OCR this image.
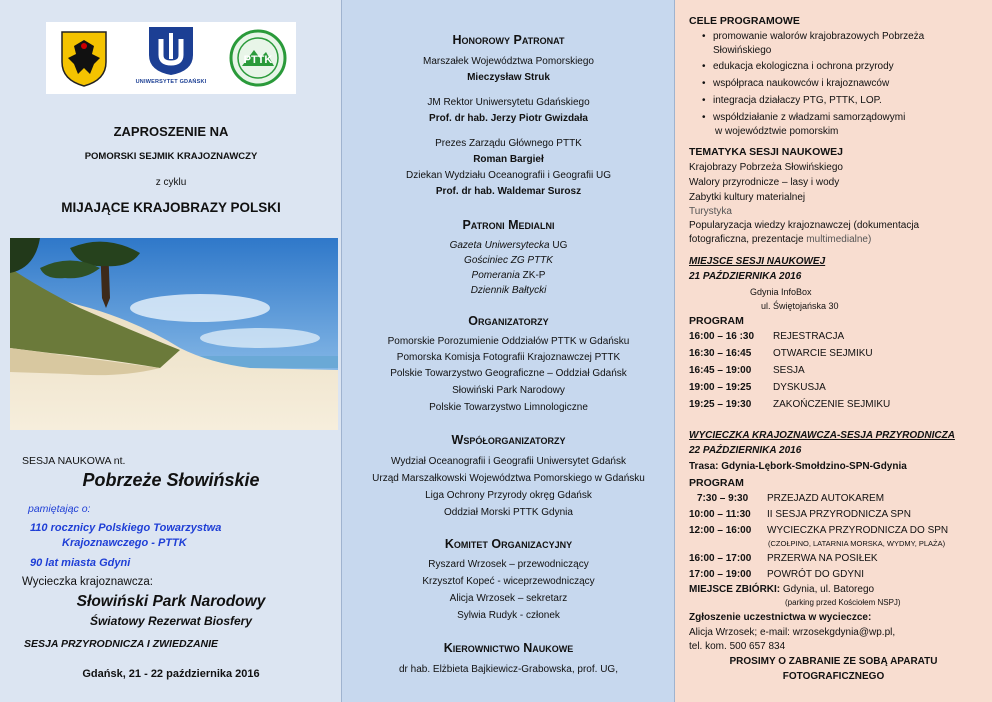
UNIWERSYTET GDAŃSKI
PTTK
ZAPROSZENIE NA
POMORSKI SEJMIK KRAJOZNAWCZY
z cyklu
MIJAJĄCE KRAJOBRAZY POLSKI
SESJA NAUKOWA nt.
Pobrzeże Słowińskie
pamiętając o:
110 rocznicy Polskiego Towarzystwa
Krajoznawczego - PTTK
90 lat miasta Gdyni
Wycieczka krajoznawcza:
Słowiński Park Narodowy
Światowy Rezerwat Biosfery
SESJA PRZYRODNICZA I ZWIEDZANIE
Gdańsk, 21 - 22 października 2016
Honorowy Patronat
Marszałek Województwa Pomorskiego
Mieczysław Struk
JM Rektor Uniwersytetu Gdańskiego
Prof. dr hab. Jerzy Piotr Gwizdała
Prezes Zarządu Głównego PTTK
Roman Bargieł
Dziekan Wydziału Oceanografii i Geografii UG
Prof. dr hab. Waldemar Surosz
Patroni Medialni
Gazeta Uniwersytecka UG
Gościniec ZG PTTK
Pomerania ZK-P
Dziennik Bałtycki
Organizatorzy
Pomorskie Porozumienie Oddziałów PTTK w Gdańsku
Pomorska Komisja Fotografii Krajoznawczej PTTK
Polskie Towarzystwo Geograficzne – Oddział Gdańsk
Słowiński Park Narodowy
Polskie Towarzystwo Limnologiczne
Współorganizatorzy
Wydział Oceanografii i Geografii Uniwersytet Gdańsk
Urząd Marszałkowski Województwa Pomorskiego w Gdańsku
Liga Ochrony Przyrody okręg Gdańsk
Oddział Morski PTTK Gdynia
Komitet Organizacyjny
Ryszard Wrzosek – przewodniczący
Krzysztof Kopeć - wiceprzewodniczący
Alicja Wrzosek – sekretarz
Sylwia Rudyk - członek
Kierownictwo Naukowe
dr hab. Elżbieta Bajkiewicz-Grabowska, prof. UG,
CELE PROGRAMOWE
• promowanie walorów krajobrazowych Pobrzeża
Słowińskiego
• edukacja ekologiczna i ochrona przyrody
• współpraca naukowców i krajoznawców
• integracja działaczy PTG, PTTK, LOP.
• współdziałanie z władzami samorządowymi
w województwie pomorskim
TEMATYKA SESJI NAUKOWEJ
Krajobrazy Pobrzeża Słowińskiego
Walory przyrodnicze – lasy i wody
Zabytki kultury materialnej
Turystyka
Popularyzacja wiedzy krajoznawczej (dokumentacja
fotograficzna, prezentacje multimedialne)
MIEJSCE SESJI NAUKOWEJ
21 PAŹDZIERNIKA 2016
Gdynia InfoBox
ul. Świętojańska 30
PROGRAM
16:00 – 16 :30 REJESTRACJA
16:30 – 16:45 OTWARCIE SEJMIKU
16:45 – 19:00 SESJA
19:00 – 19:25 DYSKUSJA
19:25 – 19:30 ZAKOŃCZENIE SEJMIKU
WYCIECZKA KRAJOZNAWCZA-SESJA PRZYRODNICZA
22 PAŹDZIERNIKA 2016
Trasa: Gdynia-Lębork-Smołdzino-SPN-Gdynia
PROGRAM
7:30 – 9:30 PRZEJAZD AUTOKAREM
10:00 – 11:30 II SESJA PRZYRODNICZA SPN
12:00 – 16:00 WYCIECZKA PRZYRODNICZA DO SPN
(CZOŁPINO, LATARNIA MORSKA, WYDMY, PLAŻA)
16:00 – 17:00 PRZERWA NA POSIŁEK
17:00 – 19:00 POWRÓT DO GDYNI
MIEJSCE ZBIÓRKI: Gdynia, ul. Batorego
(parking przed Kościołem NSPJ)
Zgłoszenie uczestnictwa w wycieczce:
Alicja Wrzosek; e-mail: wrzosekgdynia@wp.pl,
tel. kom. 500 657 834
PROSIMY O ZABRANIE ZE SOBĄ APARATU
FOTOGRAFICZNEGO
